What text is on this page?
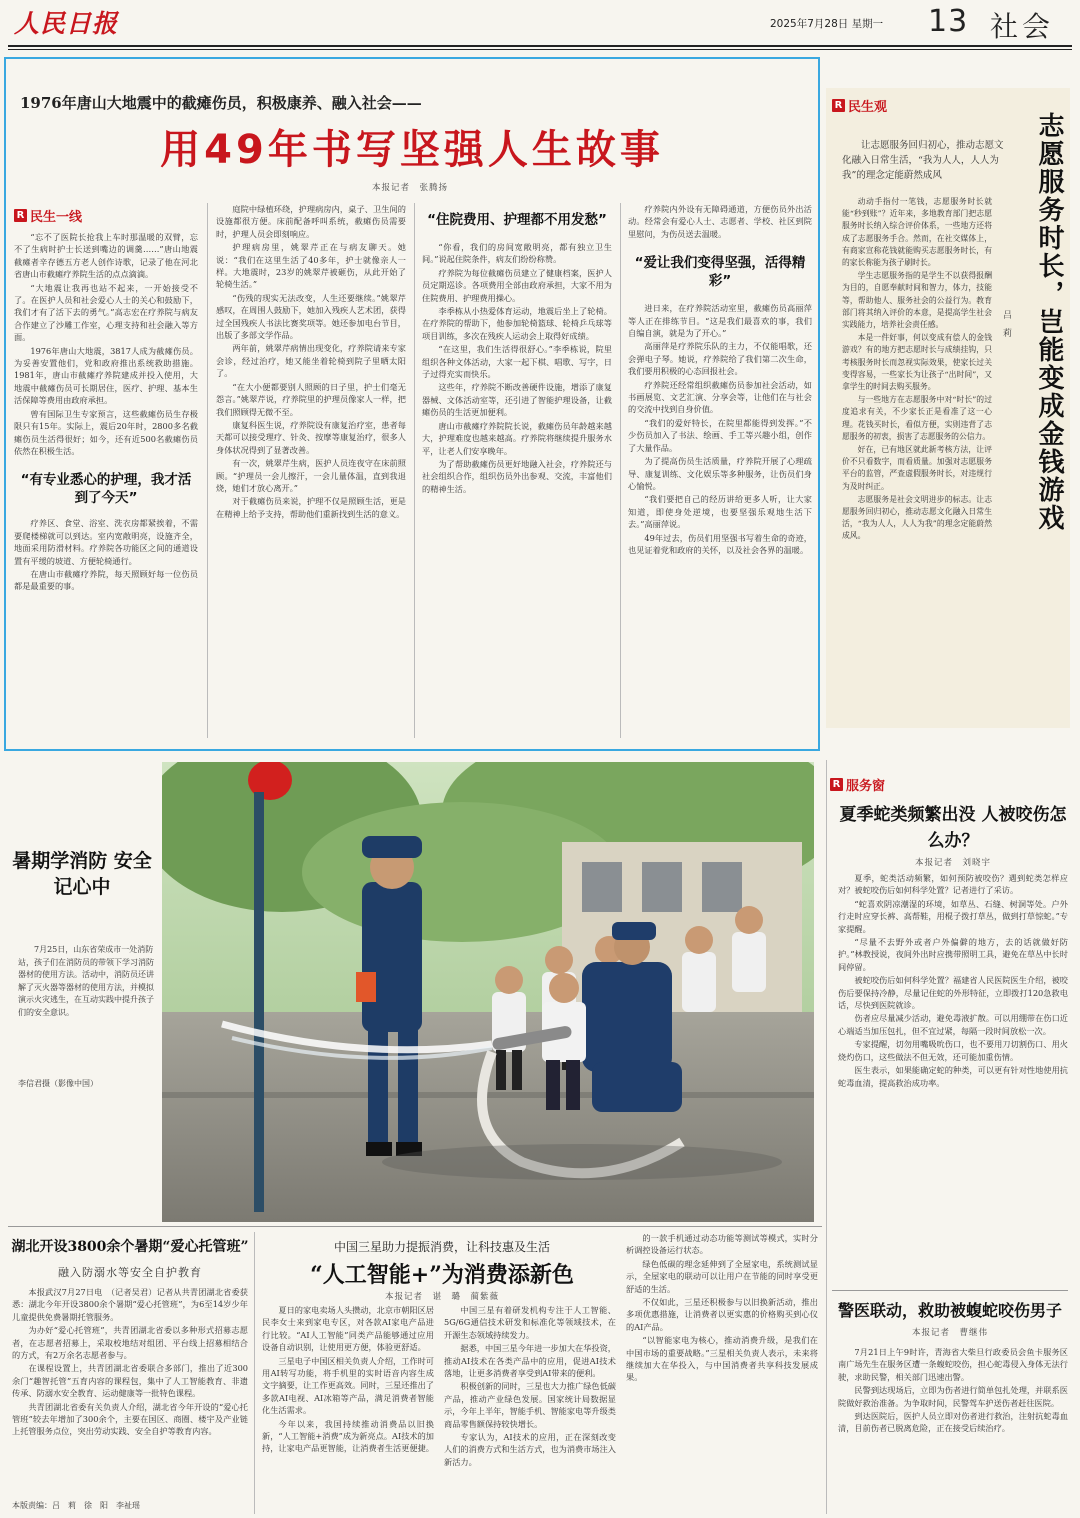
人民日报	2025年7月28日 星期一 13 社会
1976年唐山大地震中的截瘫伤员，积极康养、融入社会——
用49年书写坚强人生故事
本报记者　张腾扬
R 民生一线

“忘不了医院长抢我上车时那温暖的双臂，忘不了生病时护士长送到嘴边的调羹……”唐山地震截瘫者辛存德五方老人创作诗歌，记录了他在河北省唐山市截瘫疗养院生活的点点滴滴。

“大地震让我再也站不起来，一开始接受不了。在医护人员和社会爱心人士的关心和鼓励下，我们才有了活下去的勇气。”高志宏在疗养院与病友合作建立了沙雕工作室，心理支持和社会融入等方面。

1976年唐山大地震，3817人成为截瘫伤员。为妥善安置他们，党和政府推出系统救助措施。1981年，唐山市截瘫疗养院建成并投入使用，大地震中截瘫伤员可长期居住，医疗、护理、基本生活保障等费用由政府承担。

曾有国际卫生专家预言，这些截瘫伤员生存极限只有15年。实际上，震后20年时，2800多名截瘫伤员生活得很好；如今，还有近500名截瘫伤员依然在积极生活。

“ 有专业悉心的护理，我才活到了今天 ”

疗养区、食堂、浴室、洗衣房都紧挨着，不需要爬楼梯就可以到达。室内宽敞明亮，设施齐全，地面采用防滑材料。疗养院各功能区之间的通道设置有平缓的坡道、方便轮椅通行。

在唐山市截瘫疗养院，每天照顾好每一位伤员都是最重要的事。

庭院中绿植环绕，护理病房内，桌子、卫生间的设施都很方便。床前配备呼叫系统，截瘫伤员需要时，护理人员会即刻响应。

护理病房里，姚翠芹正在与病友聊天。她说：“我们在这里生活了40多年，护士就像亲人一样。大地震时，23岁的姚翠芹被砸伤，从此开始了轮椅生活。”

“伤残的现实无法改变，人生还要继续。”姚翠芹感叹，在周围人鼓励下，她加入残疾人艺术团，获得过全国残疾人书法比赛奖项等。她还参加电台节目，出版了多部文学作品。

两年前，姚翠芹病情出现变化，疗养院请来专家会诊，经过治疗，她又能坐着轮椅到院子里晒太阳了。

“在大小便都要别人照顾的日子里，护士们毫无怨言。”姚翠芹说，疗养院里的护理员像家人一样，把我们照顾得无微不至。

康复科医生说，疗养院设有康复治疗室，患者每天都可以接受理疗、针灸、按摩等康复治疗，很多人身体状况得到了显著改善。

有一次，姚翠芹生病，医护人员连夜守在床前照顾。“护理员一会儿擦汗，一会儿量体温，直到我退烧，她们才放心离开。”

对于截瘫伤员来说，护理不仅是照顾生活，更是在精神上给予支持，帮助他们重新找到生活的意义。

“ 住院费用、护理都不用发愁 ”

“你看，我们的房间宽敞明亮，都有独立卫生间。”说起住院条件，病友们纷纷称赞。

疗养院为每位截瘫伤员建立了健康档案，医护人员定期巡诊。各项费用全部由政府承担，大家不用为住院费用、护理费用操心。

李季栋从小热爱体育运动，地震后坐上了轮椅。在疗养院的帮助下，他参加轮椅篮球、轮椅乒乓球等项目训练，多次在残疾人运动会上取得好成绩。

“在这里，我们生活得很舒心。”李季栋说，院里组织各种文体活动，大家一起下棋、唱歌、写字，日子过得充实而快乐。

这些年，疗养院不断改善硬件设施，增添了康复器械、文体活动室等，还引进了智能护理设备，让截瘫伤员的生活更加便利。

唐山市截瘫疗养院院长说，截瘫伤员年龄越来越大，护理难度也越来越高。疗养院将继续提升服务水平，让老人们安享晚年。

为了帮助截瘫伤员更好地融入社会，疗养院还与社会组织合作，组织伤员外出参观、交流，丰富他们的精神生活。

疗养院内外设有无障碍通道，方便伤员外出活动。经常会有爱心人士、志愿者、学校、社区到院里慰问，为伤员送去温暖。

“ 爱让我们变得坚强，活得精彩 ”

进日来，在疗养院活动室里，截瘫伤员高丽萍等人正在排练节目。“这是我们最喜欢的事，我们自编自演，就是为了开心。”

高丽萍是疗养院乐队的主力，不仅能唱歌，还会弹电子琴。她说，疗养院给了我们第二次生命，我们要用积极的心态回报社会。

疗养院还经常组织截瘫伤员参加社会活动，如书画展览、文艺汇演、分享会等，让他们在与社会的交流中找到自身价值。

“我们的爱好特长，在院里都能得到发挥。”不少伤员加入了书法、绘画、手工等兴趣小组，创作了大量作品。

为了提高伤员生活质量，疗养院开展了心理疏导、康复训练、文化娱乐等多种服务，让伤员们身心愉悦。

“我们要把自己的经历讲给更多人听，让大家知道，即使身处逆境，也要坚强乐观地生活下去。”高丽萍说。

49年过去，伤员们用坚强书写着生命的奇迹，也见证着党和政府的关怀，以及社会各界的温暖。

R 民生观
让志愿服务回归初心，推动志愿文化融入日常生活，“我为人人，人人为我”的理念定能蔚然成风	志愿服务时长，岂能变成金钱游戏
吕　莉

动动手指付一笔钱，志愿服务时长就能“秒到账”？近年来，多地教育部门把志愿服务时长纳入综合评价体系，一些地方还将成了志愿服务手合。然而，在社交媒体上，有商家宣称花钱就能购买志愿服务时长，有的家长称能为孩子刷时长。

学生志愿服务指的是学生不以获得报酬为目的，自愿奉献时间和智力，体力，技能等，帮助他人、服务社会的公益行为。教育部门将其纳入评价的本意，是提高学生社会实践能力，培养社会责任感。

本是一件好事，何以变成有偿人的金钱游戏？有的地方把志愿时长与成绩挂钩，只考核服务时长而忽视实际效果，使家长过关变得容易，一些家长为让孩子“出时间”，又拿学生的时间去购买服务。

与一些地方在志愿服务中对“时长”的过度追求有关，不少家长正是看准了这一心理。花钱买时长，看似方便，实则违背了志愿服务的初衷，损害了志愿服务的公信力。

好在，已有地区就此新考核方法，让评价不只看数字，而看质量。加强对志愿服务平台的监管，严查虚假服务时长，对违规行为及时纠正。

志愿服务是社会文明进步的标志。让志愿服务回归初心，推动志愿文化融入日常生活，“我为人人，人人为我”的理念定能蔚然成风。

暑期学消防 安全记心中
7月25日，山东省荣成市一处消防站，孩子们在消防员的带领下学习消防器材的使用方法。活动中，消防员还讲解了灭火器等器材的使用方法，并模拟演示火灾逃生，在互动实践中提升孩子们的安全意识。
李信君摄（影像中国）
R 服务窗
夏季蛇类频繁出没 人被咬伤怎么办？
本报记者　刘晓宇

夏季，蛇类活动频繁，如何预防被咬伤？遇到蛇类怎样应对？被蛇咬伤后如何科学处置？记者进行了采访。

“蛇喜欢阴凉潮湿的环境，如草丛、石缝、树洞等处。户外行走时应穿长裤、高帮鞋，用棍子拨打草丛，做到打草惊蛇。”专家提醒。

“尽量不去野外或者户外偏僻的地方，去的话就做好防护。”林教授说，夜间外出时应携带照明工具，避免在草丛中长时间停留。

被蛇咬伤后如何科学处置？福建省人民医院医生介绍，被咬伤后要保持冷静，尽量记住蛇的外形特征，立即拨打120急救电话，尽快到医院就诊。

伤者应尽量减少活动，避免毒液扩散。可以用绷带在伤口近心端适当加压包扎，但不宜过紧，每隔一段时间放松一次。

专家提醒，切勿用嘴吸吮伤口，也不要用刀切割伤口、用火烧灼伤口，这些做法不但无效，还可能加重伤情。

医生表示，如果能确定蛇的种类，可以更有针对性地使用抗蛇毒血清，提高救治成功率。

警医联动，救助被蝮蛇咬伤男子
本报记者　曹继伟

7月21日上午9时许，青海省大柴旦行政委员会鱼卡服务区南广场先生在服务区遭一条蝮蛇咬伤，担心蛇毒侵入身体无法行驶，求助民警，相关部门迅速出警。

民警到达现场后，立即为伤者进行简单包扎处理，并联系医院做好救治准备。为争取时间，民警驾车护送伤者赶往医院。

到达医院后，医护人员立即对伤者进行救治，注射抗蛇毒血清，目前伤者已脱离危险，正在接受后续治疗。

湖北开设3800余个暑期“爱心托管班”
融入防溺水等安全自护教育

本报武汉7月27日电　（记者吴君）记者从共青团湖北省委获悉：湖北今年开设3800余个暑期“爱心托管班”，为6至14岁少年儿童提供免费暑期托管服务。

为办好“爱心托管班”，共青团湖北省委以多种形式招募志愿者，在志愿者招募上，采取校地结对组团、平台线上招募相结合的方式，有2万余名志愿者参与。

在课程设置上，共青团湖北省委联合多部门，推出了近300余门“趣智托管”五育内容的课程包，集中了人工智能教育、非遗传承、防溺水安全教育、运动健康等一批特色课程。

共青团湖北省委有关负责人介绍，湖北省今年开设的“爱心托管班”较去年增加了300余个，主要在国区、商圈、楼宇及产业链上托管服务点位，突出劳动实践、安全自护等教育内容。

本版责编：吕　莉　徐　阳　李祉瑶
中国三星助力提振消费，让科技惠及生活
“人工智能+”为消费添新色
本报记者　谌　璐　蔺紫薇

夏日的家电卖场人头攒动，北京市朝阳区居民李女士来到家电专区，对各款AI家电产品进行比较。“AI人工智能”同类产品能够通过应用设备自动识别，让使用更方便，体验更舒适。

三星电子中国区相关负责人介绍，工作时可用AI转写功能，将手机里的实时语音内容生成文字摘要，让工作更高效。同时，三星还推出了多款AI电视、AI冰箱等产品，满足消费者智能化生活需求。

今年以来，我国持续推动消费品以旧换新，“人工智能+消费”成为新亮点。AI技术的加持，让家电产品更智能，让消费者生活更便捷。

中国三星有着研发机构专注于人工智能、5G/6G通信技术研发和标准化等领域技术，在开源生态领域持续发力。

据悉，中国三星今年进一步加大在华投资，推动AI技术在各类产品中的应用，促进AI技术落地，让更多消费者享受到AI带来的便利。

积极创新的同时，三星也大力推广绿色低碳产品，推动产业绿色发展。国家统计局数据显示，今年上半年，智能手机、智能家电等升级类商品零售额保持较快增长。

专家认为，AI技术的应用，正在深刻改变人们的消费方式和生活方式，也为消费市场注入新活力。

的一款手机通过动态功能等测试等模式，实时分析调控设备运行状态。

绿色低碳的理念延伸到了全屋家电，系统测试显示，全屋家电的联动可以让用户在节能的同时享受更舒适的生活。

不仅如此，三星还积极参与以旧换新活动，推出多项优惠措施，让消费者以更实惠的价格购买到心仪的AI产品。

“以智能家电为核心，推动消费升级，是我们在中国市场的重要战略。”三星相关负责人表示，未来将继续加大在华投入，与中国消费者共享科技发展成果。
